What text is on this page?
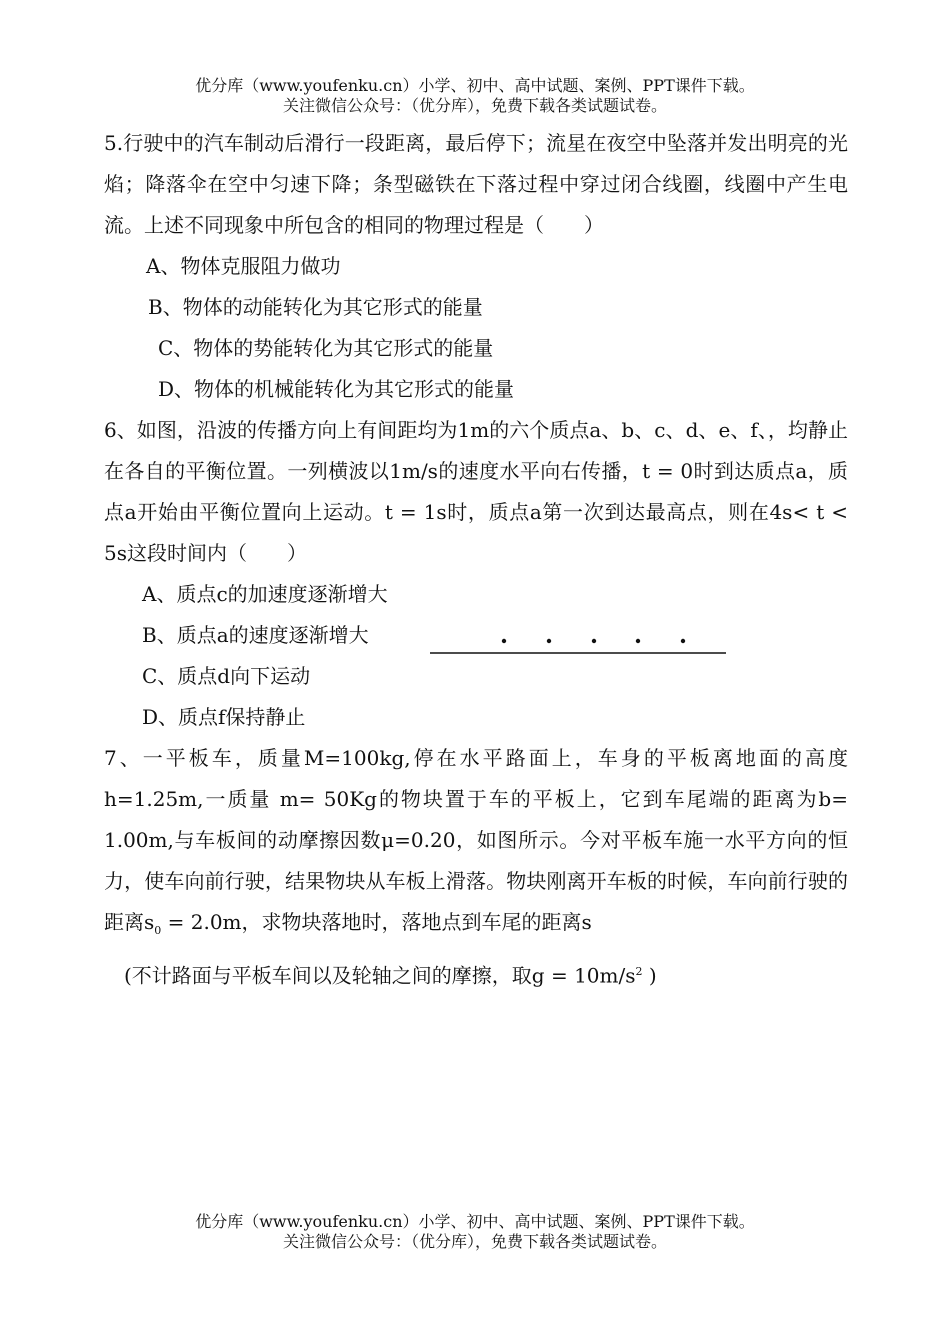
优分库（www.youfenku.cn）小学、初中、高中试题、案例、PPT课件下载。
关注微信公众号：（优分库），免费下载各类试题试卷。

5.行驶中的汽车制动后滑行一段距离，最后停下；流星在夜空中坠落并发出明亮的光焰；降落伞在空中匀速下降；条型磁铁在下落过程中穿过闭合线圈，线圈中产生电流。上述不同现象中所包含的相同的物理过程是（　　）

A、物体克服阻力做功

B、物体的动能转化为其它形式的能量

C、物体的势能转化为其它形式的能量

D、物体的机械能转化为其它形式的能量

6、如图，沿波的传播方向上有间距均为1m的六个质点a、b、c、d、e、f、，均静止在各自的平衡位置。一列横波以1m/s的速度水平向右传播，t = 0时到达质点a，质点a开始由平衡位置向上运动。t = 1s时，质点a第一次到达最高点，则在4s< t < 5s这段时间内（　　）

A、质点c的加速度逐渐增大

B、质点a的速度逐渐增大

C、质点d向下运动

D、质点f保持静止

7、一平板车，质量M=100kg,停在水平路面上，车身的平板离地面的高度h=1.25m,一质量 m= 50Kg的物块置于车的平板上，它到车尾端的距离为b= 1.00m,与车板间的动摩擦因数μ=0.20，如图所示。今对平板车施一水平方向的恒力，使车向前行驶，结果物块从车板上滑落。物块刚离开车板的时候，车向前行驶的距离$s_0 = 2.0m$，求物块落地时，落地点到车尾的距离s

(不计路面与平板车间以及轮轴之间的摩擦，取$g = 10m/s^2$ )

优分库（www.youfenku.cn）小学、初中、高中试题、案例、PPT课件下载。
关注微信公众号：（优分库），免费下载各类试题试卷。
